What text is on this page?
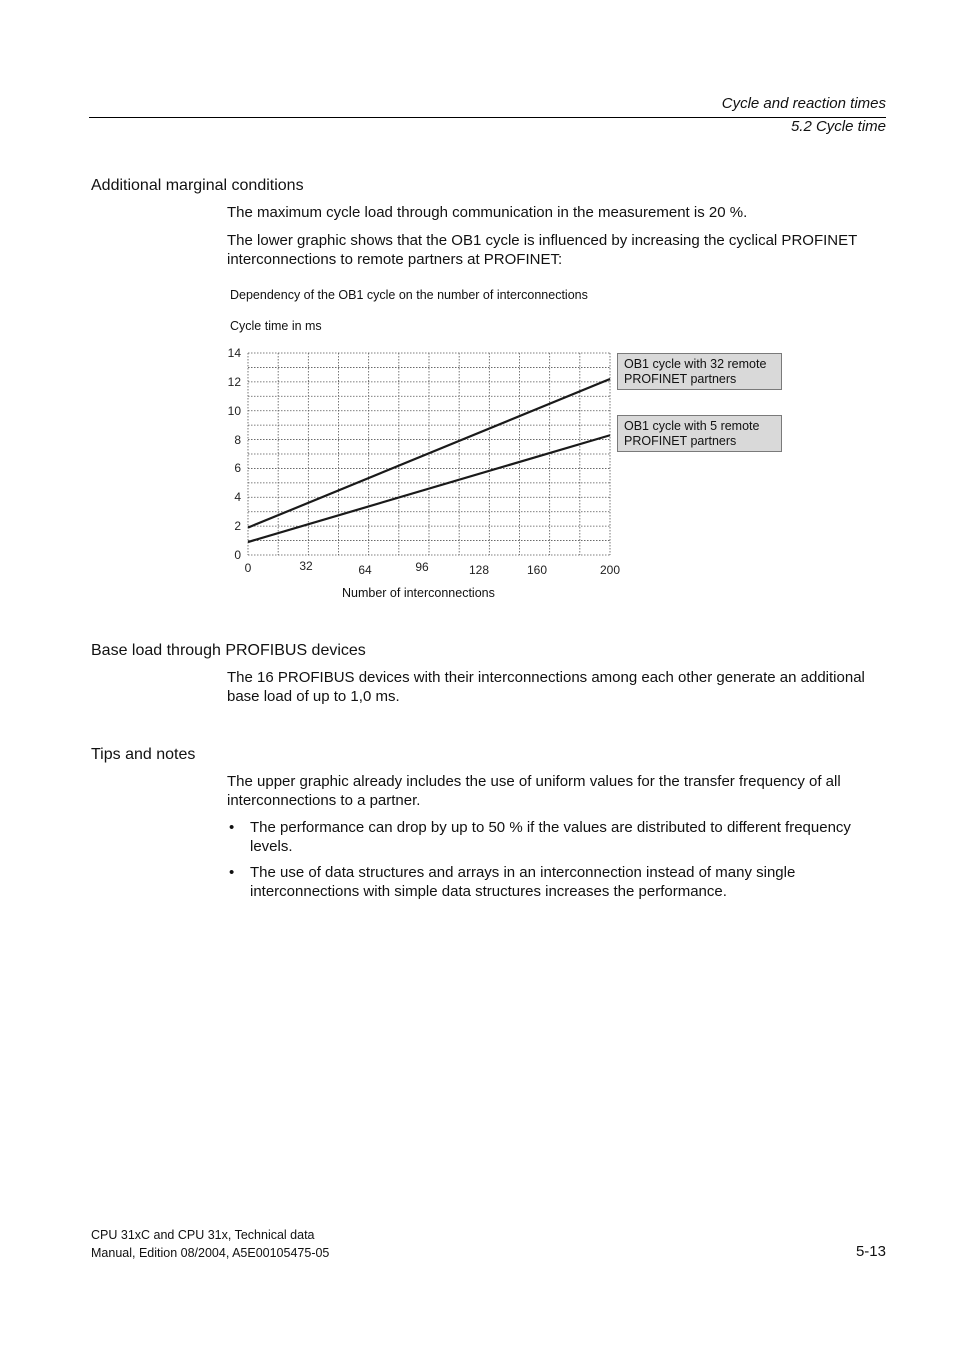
Cycle and reaction times
5.2 Cycle time
Additional marginal conditions
The maximum cycle load through communication in the measurement is 20 %.
The lower graphic shows that the OB1 cycle is influenced by increasing the cyclical PROFINET interconnections to remote partners at PROFINET:
Dependency of the OB1 cycle on the number of interconnections
Cycle time in ms
0
2
4
6
8
10
12
14
0	32	64	96	128	160	200
OB1 cycle with 32 remote PROFINET partners
OB1 cycle with 5 remote PROFINET partners
Number of interconnections
Base load through PROFIBUS devices
The 16 PROFIBUS devices with their interconnections among each other generate an additional base load of up to 1,0 ms.
Tips and notes
The upper graphic already includes the use of uniform values for the transfer frequency of all interconnections to a partner.
• The performance can drop by up to 50 % if the values are distributed to different frequency levels.
• The use of data structures and arrays in an interconnection instead of many single interconnections with simple data structures increases the performance.
CPU 31xC and CPU 31x, Technical data
Manual, Edition 08/2004, A5E00105475-05	5-13
